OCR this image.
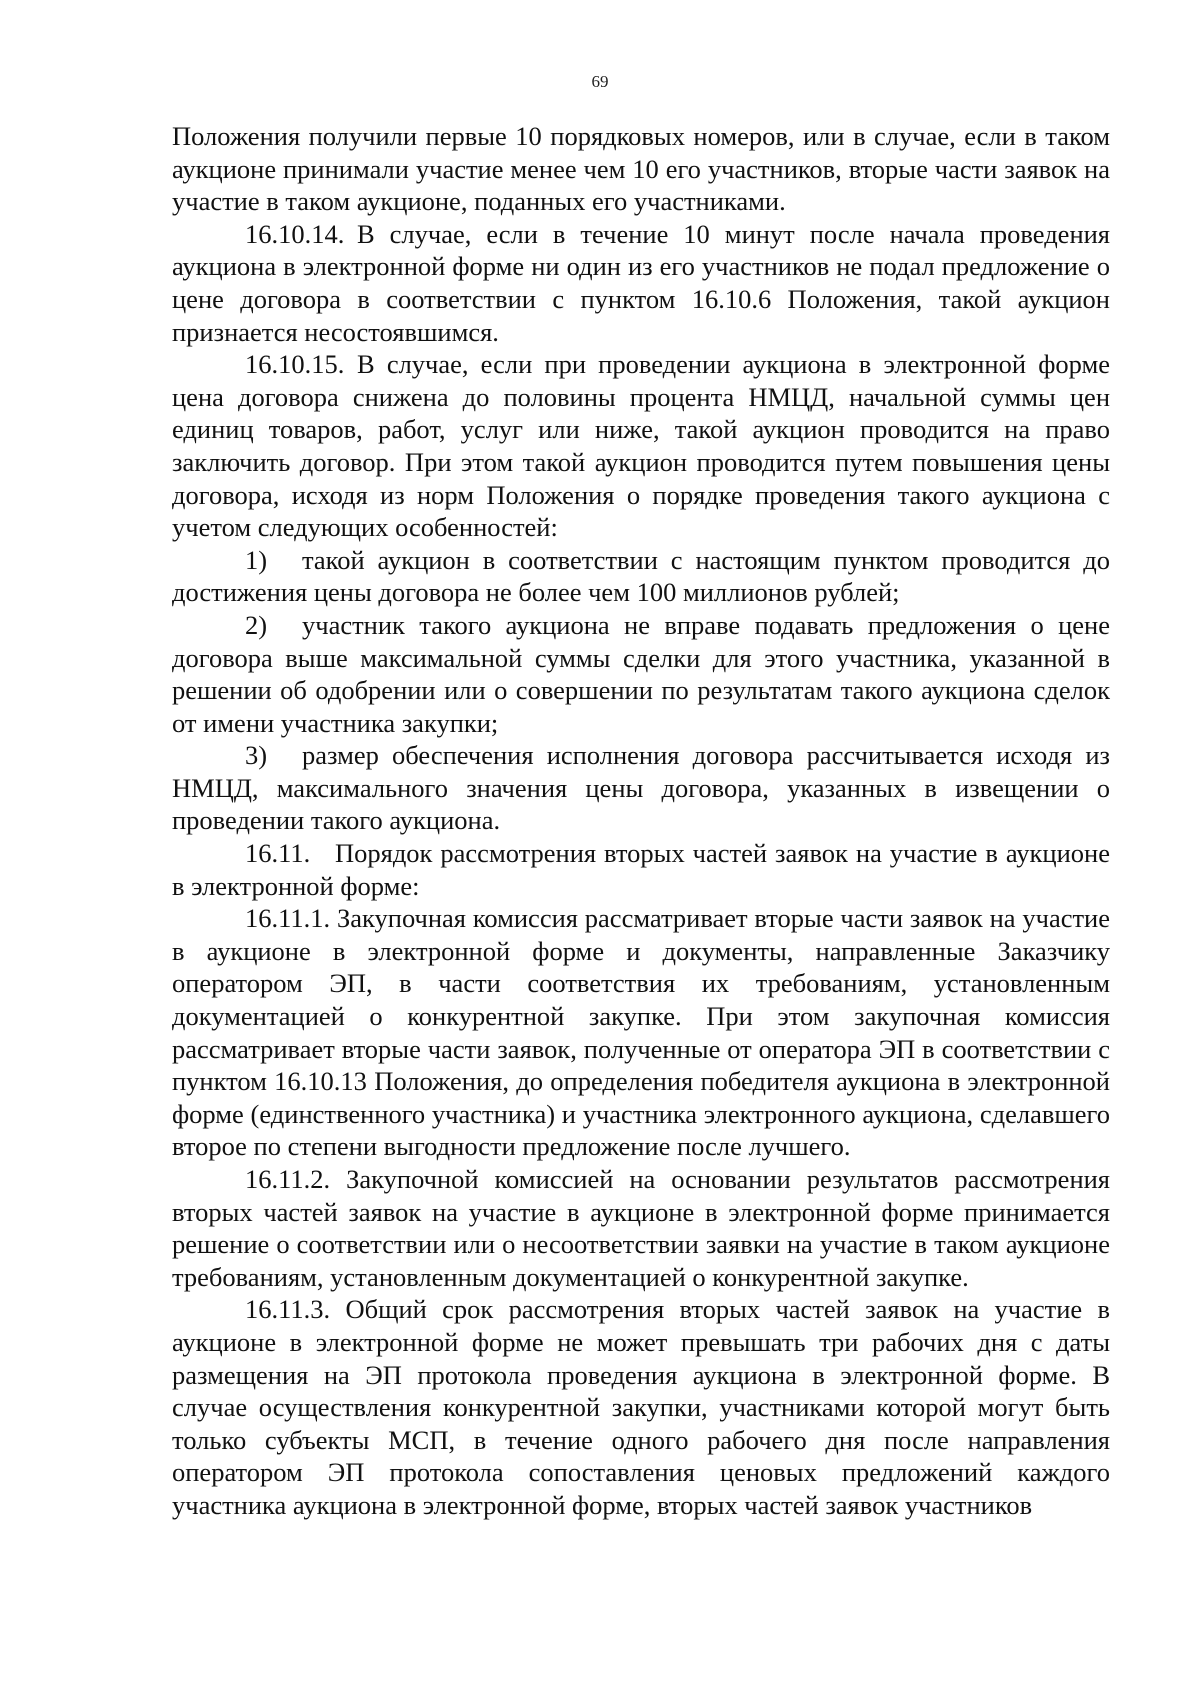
69

Положения получили первые 10 порядковых номеров, или в случае, если в таком аукционе принимали участие менее чем 10 его участников, вторые части заявок на участие в таком аукционе, поданных его участниками.

16.10.14. В случае, если в течение 10 минут после начала проведения аукциона в электронной форме ни один из его участников не подал предложение о цене договора в соответствии с пунктом 16.10.6 Положения, такой аукцион признается несостоявшимся.

16.10.15. В случае, если при проведении аукциона в электронной форме цена договора снижена до половины процента НМЦД, начальной суммы цен единиц товаров, работ, услуг или ниже, такой аукцион проводится на право заключить договор. При этом такой аукцион проводится путем повышения цены договора, исходя из норм Положения о порядке проведения такого аукциона с учетом следующих особенностей:

1) такой аукцион в соответствии с настоящим пунктом проводится до достижения цены договора не более чем 100 миллионов рублей;

2) участник такого аукциона не вправе подавать предложения о цене договора выше максимальной суммы сделки для этого участника, указанной в решении об одобрении или о совершении по результатам такого аукциона сделок от имени участника закупки;

3) размер обеспечения исполнения договора рассчитывается исходя из НМЦД, максимального значения цены договора, указанных в извещении о проведении такого аукциона.

16.11. Порядок рассмотрения вторых частей заявок на участие в аукционе в электронной форме:

16.11.1. Закупочная комиссия рассматривает вторые части заявок на участие в аукционе в электронной форме и документы, направленные Заказчику оператором ЭП, в части соответствия их требованиям, установленным документацией о конкурентной закупке. При этом закупочная комиссия рассматривает вторые части заявок, полученные от оператора ЭП в соответствии с пунктом 16.10.13 Положения, до определения победителя аукциона в электронной форме (единственного участника) и участника электронного аукциона, сделавшего второе по степени выгодности предложение после лучшего.

16.11.2. Закупочной комиссией на основании результатов рассмотрения вторых частей заявок на участие в аукционе в электронной форме принимается решение о соответствии или о несоответствии заявки на участие в таком аукционе требованиям, установленным документацией о конкурентной закупке.

16.11.3. Общий срок рассмотрения вторых частей заявок на участие в аукционе в электронной форме не может превышать три рабочих дня с даты размещения на ЭП протокола проведения аукциона в электронной форме. В случае осуществления конкурентной закупки, участниками которой могут быть только субъекты МСП, в течение одного рабочего дня после направления оператором ЭП протокола сопоставления ценовых предложений каждого участника аукциона в электронной форме, вторых частей заявок участников
